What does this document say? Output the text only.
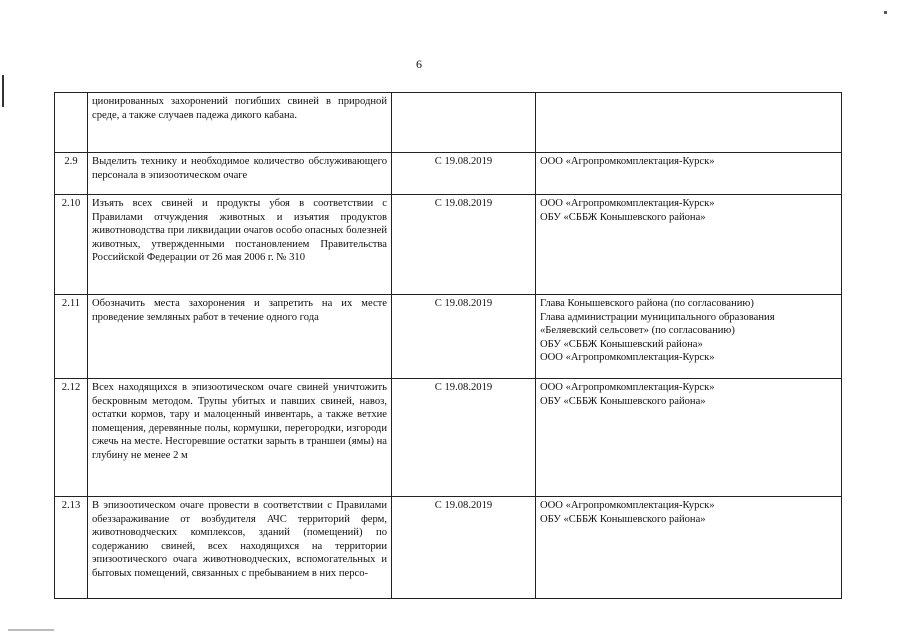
6
	ционированных захоронений погибших свиней в природной среде, а также случаев падежа дикого кабана.		
2.9	Выделить технику и необходимое количество обслуживающего персонала в эпизоотическом очаге	С 19.08.2019	ООО «Агропромкомплектация-Курск»

2.10	Изъять всех свиней и продукты убоя в соответствии с Правилами отчуждения животных и изъятия продуктов животноводства при ликвидации очагов особо опасных болезней животных, утвержденными постановлением Правительства Российской Федерации от 26 мая 2006 г. № 310	С 19.08.2019	ООО «Агропромкомплектация-Курск»
ОБУ «СББЖ Конышевского района»

2.11	Обозначить места захоронения и запретить на их месте проведение земляных работ в течение одного года	С 19.08.2019	Глава Конышевского района (по согласованию)
Глава администрации муниципального образования
«Беляевский сельсовет» (по согласованию)
ОБУ «СББЖ Конышевский района»
ООО «Агропромкомплектация-Курск»

2.12	Всех находящихся в эпизоотическом очаге свиней уничтожить бескровным методом. Трупы убитых и павших свиней, навоз, остатки кормов, тару и малоценный инвентарь, а также ветхие помещения, деревянные полы, кормушки, перегородки, изгороди сжечь на месте. Несгоревшие остатки зарыть в траншеи (ямы) на глубину не менее 2 м	С 19.08.2019	ООО «Агропромкомплектация-Курск»
ОБУ «СББЖ Конышевского района»

2.13	В эпизоотическом очаге провести в соответствии с Правилами обеззараживание от возбудителя АЧС территорий ферм, животноводческих комплексов, зданий (помещений) по содержанию свиней, всех находящихся на территории эпизоотического очага животноводческих, вспомогательных и бытовых помещений, связанных с пребыванием в них персо-	С 19.08.2019	ООО «Агропромкомплектация-Курск»
ОБУ «СББЖ Конышевского района»
